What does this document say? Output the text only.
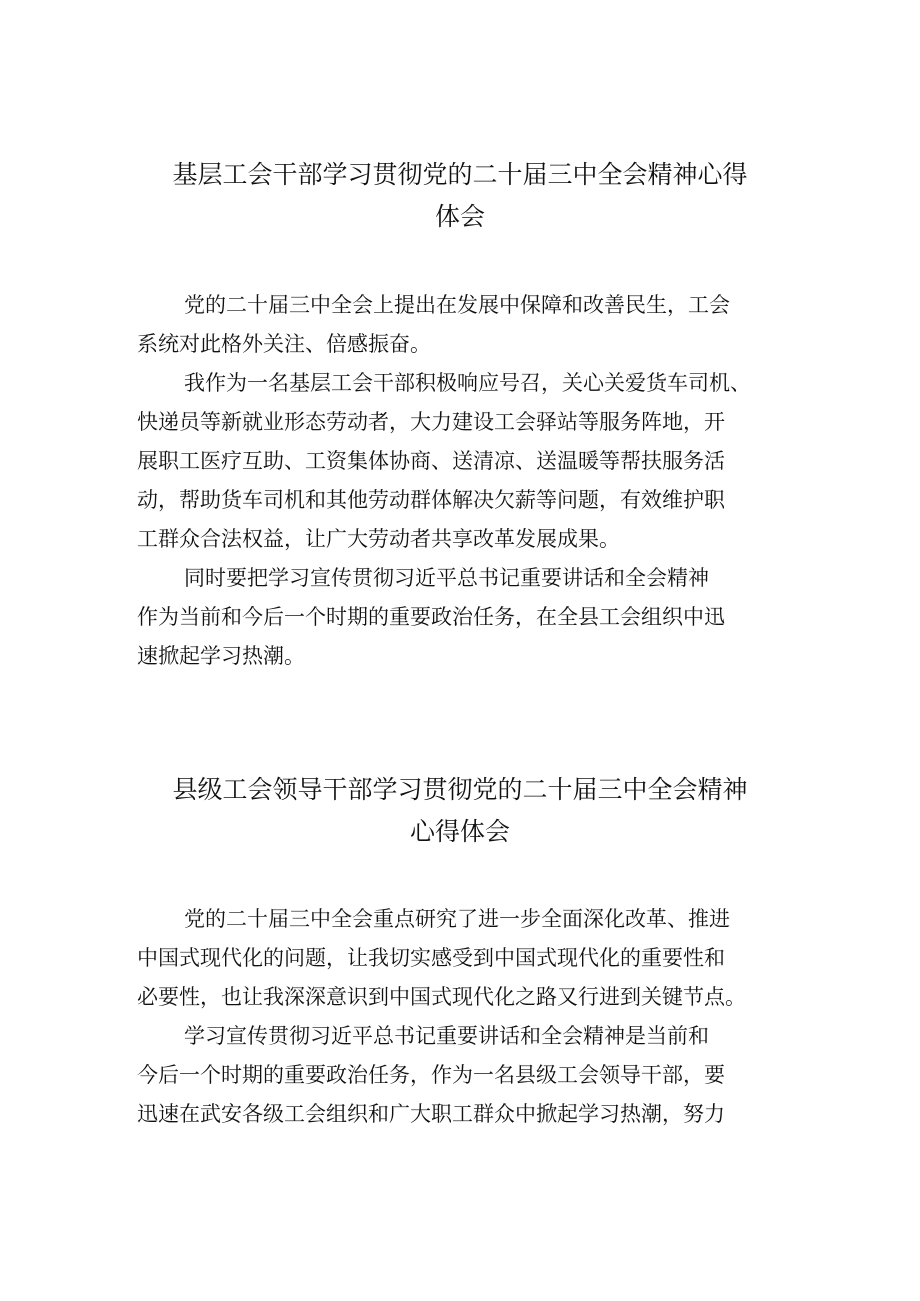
基层工会干部学习贯彻党的二十届三中全会精神心得
体会
党的二十届三中全会上提出在发展中保障和改善民生，工会
系统对此格外关注、倍感振奋。
我作为一名基层工会干部积极响应号召，关心关爱货车司机、
快递员等新就业形态劳动者，大力建设工会驿站等服务阵地，开
展职工医疗互助、工资集体协商、送清凉、送温暖等帮扶服务活
动，帮助货车司机和其他劳动群体解决欠薪等问题，有效维护职
工群众合法权益，让广大劳动者共享改革发展成果。
同时要把学习宣传贯彻习近平总书记重要讲话和全会精神
作为当前和今后一个时期的重要政治任务，在全县工会组织中迅
速掀起学习热潮。
县级工会领导干部学习贯彻党的二十届三中全会精神
心得体会
党的二十届三中全会重点研究了进一步全面深化改革、推进
中国式现代化的问题，让我切实感受到中国式现代化的重要性和
必要性，也让我深深意识到中国式现代化之路又行进到关键节点。
学习宣传贯彻习近平总书记重要讲话和全会精神是当前和
今后一个时期的重要政治任务，作为一名县级工会领导干部，要
迅速在武安各级工会组织和广大职工群众中掀起学习热潮，努力
